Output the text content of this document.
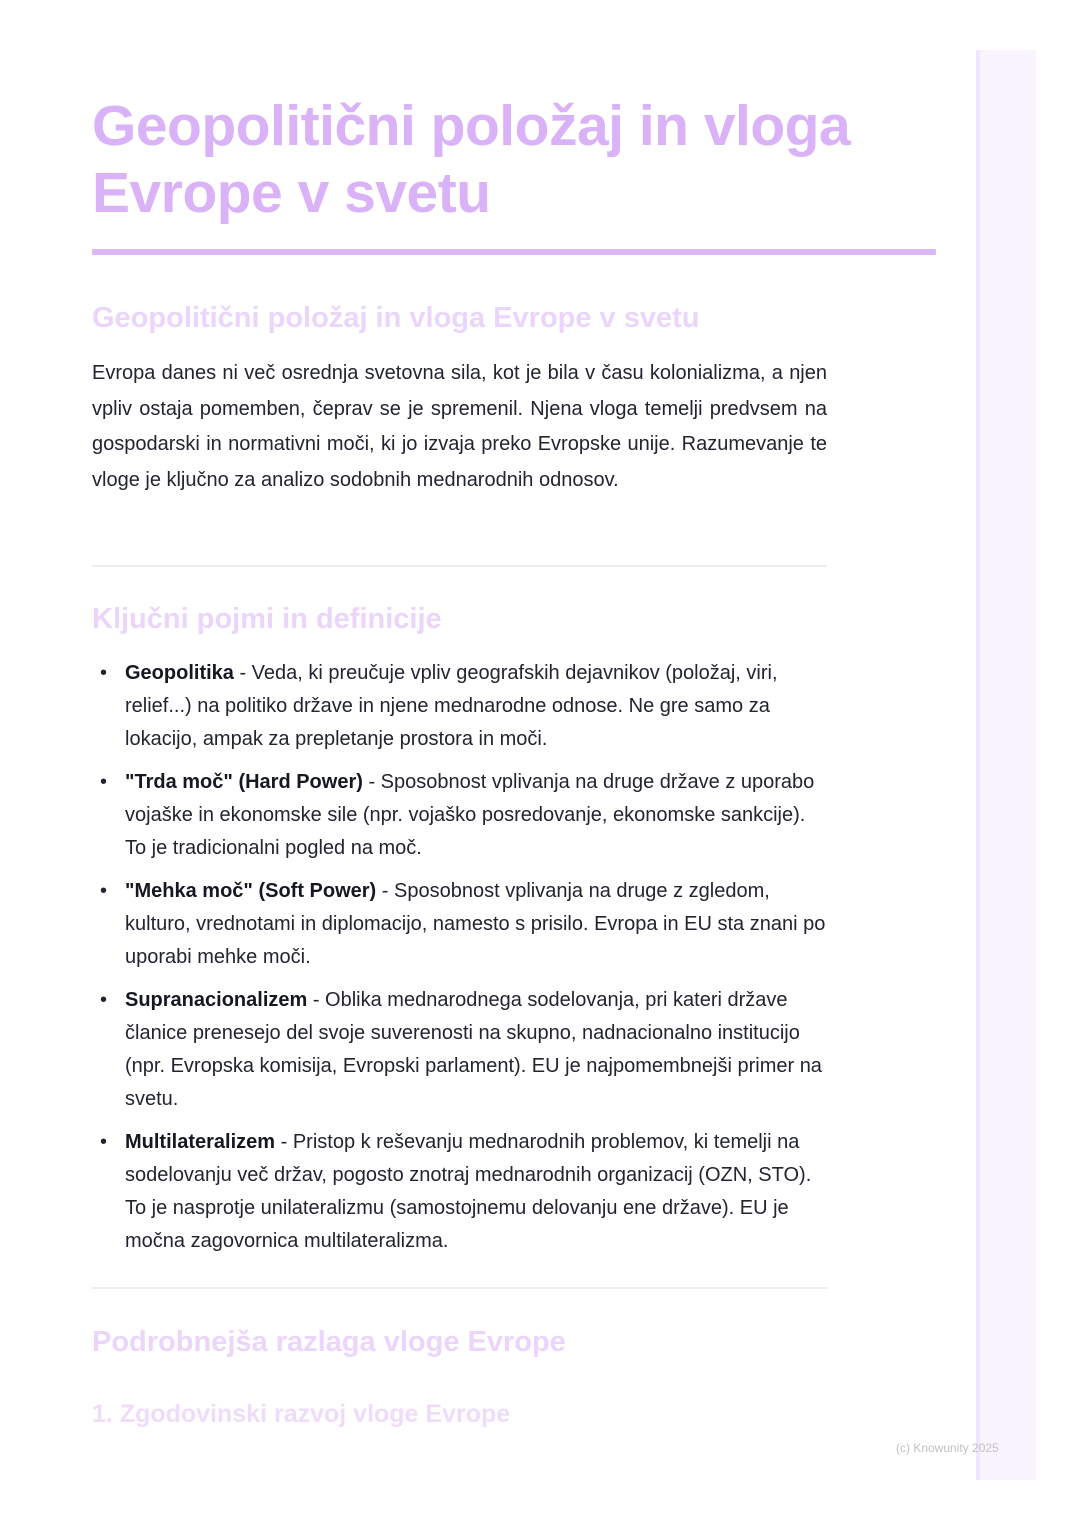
Geopolitični položaj in vloga Evrope v svetu
Geopolitični položaj in vloga Evrope v svetu

Evropa danes ni več osrednja svetovna sila, kot je bila v času kolonializma, a njen vpliv ostaja pomemben, čeprav se je spremenil. Njena vloga temelji predvsem na gospodarski in normativni moči, ki jo izvaja preko Evropske unije. Razumevanje te vloge je ključno za analizo sodobnih mednarodnih odnosov.

Ključni pojmi in definicije
• Geopolitika - Veda, ki preučuje vpliv geografskih dejavnikov (položaj, viri, relief...) na politiko države in njene mednarodne odnose. Ne gre samo za lokacijo, ampak za prepletanje prostora in moči.
• "Trda moč" (Hard Power) - Sposobnost vplivanja na druge države z uporabo vojaške in ekonomske sile (npr. vojaško posredovanje, ekonomske sankcije). To je tradicionalni pogled na moč.
• "Mehka moč" (Soft Power) - Sposobnost vplivanja na druge z zgledom, kulturo, vrednotami in diplomacijo, namesto s prisilo. Evropa in EU sta znani po uporabi mehke moči.
• Supranacionalizem - Oblika mednarodnega sodelovanja, pri kateri države članice prenesejo del svoje suverenosti na skupno, nadnacionalno institucijo (npr. Evropska komisija, Evropski parlament). EU je najpomembnejši primer na svetu.
• Multilateralizem - Pristop k reševanju mednarodnih problemov, ki temelji na sodelovanju več držav, pogosto znotraj mednarodnih organizacij (OZN, STO). To je nasprotje unilateralizmu (samostojnemu delovanju ene države). EU je močna zagovornica multilateralizma.
Podrobnejša razlaga vloge Evrope
1. Zgodovinski razvoj vloge Evrope
(c) Knowunity 2025
